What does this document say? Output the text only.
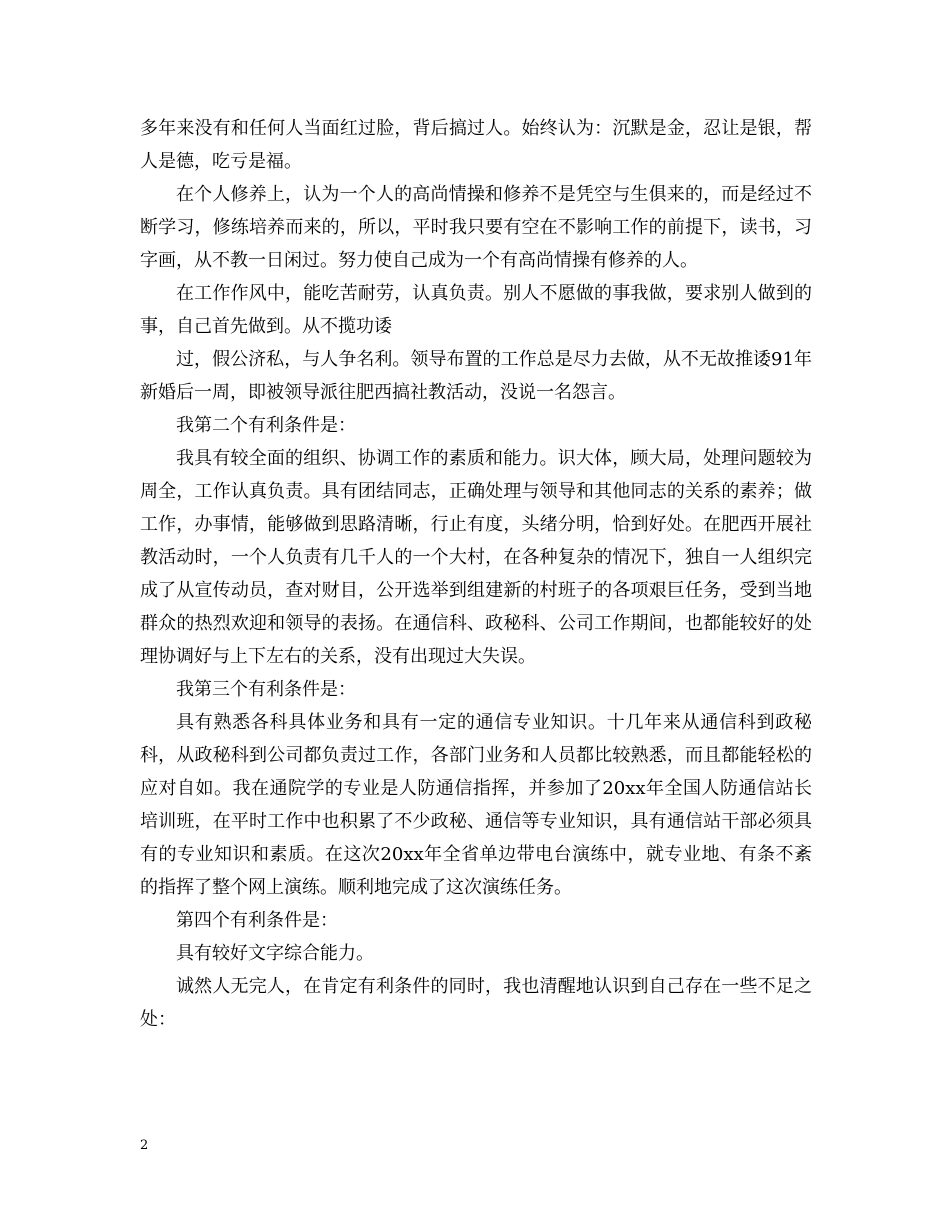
多年来没有和任何人当面红过脸，背后搞过人。始终认为：沉默是金，忍让是银，帮人是德，吃亏是福。

在个人修养上，认为一个人的高尚情操和修养不是凭空与生俱来的，而是经过不断学习，修练培养而来的，所以，平时我只要有空在不影响工作的前提下，读书，习字画，从不教一日闲过。努力使自己成为一个有高尚情操有修养的人。

在工作作风中，能吃苦耐劳，认真负责。别人不愿做的事我做，要求别人做到的事，自己首先做到。从不揽功诿

过，假公济私，与人争名利。领导布置的工作总是尽力去做，从不无故推诿91年新婚后一周，即被领导派往肥西搞社教活动，没说一名怨言。

我第二个有利条件是：

我具有较全面的组织、协调工作的素质和能力。识大体，顾大局，处理问题较为周全，工作认真负责。具有团结同志，正确处理与领导和其他同志的关系的素养；做工作，办事情，能够做到思路清晰，行止有度，头绪分明，恰到好处。在肥西开展社教活动时，一个人负责有几千人的一个大村，在各种复杂的情况下，独自一人组织完成了从宣传动员，查对财目，公开选举到组建新的村班子的各项艰巨任务，受到当地群众的热烈欢迎和领导的表扬。在通信科、政秘科、公司工作期间，也都能较好的处理协调好与上下左右的关系，没有出现过大失误。

我第三个有利条件是：

具有熟悉各科具体业务和具有一定的通信专业知识。十几年来从通信科到政秘科，从政秘科到公司都负责过工作，各部门业务和人员都比较熟悉，而且都能轻松的应对自如。我在通院学的专业是人防通信指挥，并参加了20xx年全国人防通信站长培训班，在平时工作中也积累了不少政秘、通信等专业知识，具有通信站干部必须具有的专业知识和素质。在这次20xx年全省单边带电台演练中，就专业地、有条不紊的指挥了整个网上演练。顺利地完成了这次演练任务。

第四个有利条件是：

具有较好文字综合能力。

诚然人无完人，在肯定有利条件的同时，我也清醒地认识到自己存在一些不足之处：

2
